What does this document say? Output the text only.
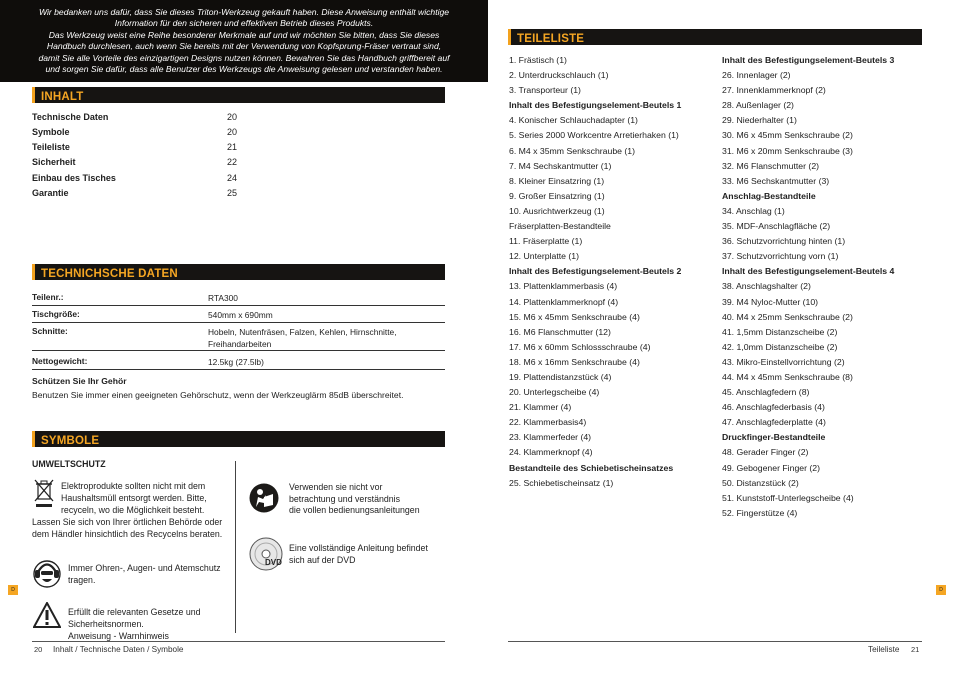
Wir bedanken uns dafür, dass Sie dieses Triton-Werkzeug gekauft haben. Diese Anweisung enthält wichtige

Information für den sicheren und effektiven Betrieb dieses Produkts.

Das Werkzeug weist eine Reihe besonderer Merkmale auf und wir möchten Sie bitten, dass Sie dieses

Handbuch durchlesen, auch wenn Sie bereits mit der Verwendung von Kopfsprung-Fräser vertraut sind,

damit Sie alle Vorteile des einzigartigen Designs nutzen können. Bewahren Sie das Handbuch griffbereit auf

und sorgen Sie dafür, dass alle Benutzer des Werkzeugs die Anweisung gelesen und verstanden haben.

INHALT
Technische Daten	20
Symbole	20
Teileliste	21
Sicherheit	22
Einbau des Tisches	24
Garantie	25
TECHNICHSCHE DATEN
Teilenr.:	RTA300
Tischgröße:	540mm x 690mm
Schnitte:	Hobeln, Nutenfräsen, Falzen, Kehlen, Hirnschnitte,
Freihandarbeiten
Nettogewicht:	12.5kg (27.5lb)
Schützen Sie Ihr Gehör
Benutzen Sie immer einen geeigneten Gehörschutz, wenn der Werkzeuglärm 85dB überschreitet.
SYMBOLE
UMWELTSCHUTZ
Elektroprodukte sollten nicht mit dem
Haushaltsmüll entsorgt werden. Bitte,
recyceln, wo die Möglichkeit besteht.
Lassen Sie sich von Ihrer örtlichen Behörde oder
dem Händler hinsichtlich des Recycelns beraten.
Immer Ohren-, Augen- und Atemschutz
tragen.
Erfüllt die relevanten Gesetze und
Sicherheitsnormen.
Anweisung - Warnhinweis
Verwenden sie nicht vor
betrachtung und verständnis
die vollen bedienungsanleitungen
DVD
Eine vollständige Anleitung befindet
sich auf der DVD
TEILELISTE
1. Frästisch (1)
2. Unterdruckschlauch (1)
3. Transporteur (1)
Inhalt des Befestigungselement-Beutels 1
4. Konischer Schlauchadapter (1)
5. Series 2000 Workcentre Arretierhaken (1)
6. M4 x 35mm Senkschraube (1)
7. M4 Sechskantmutter (1)
8. Kleiner Einsatzring (1)
9. Großer Einsatzring (1)
10. Ausrichtwerkzeug (1)
Fräserplatten-Bestandteile
11. Fräserplatte (1)
12. Unterplatte (1)
Inhalt des Befestigungselement-Beutels 2
13. Plattenklammerbasis (4)
14. Plattenklammerknopf (4)
15. M6 x 45mm Senkschraube (4)
16. M6 Flanschmutter (12)
17. M6 x 60mm Schlossschraube (4)
18. M6 x 16mm Senkschraube (4)
19. Plattendistanzstück (4)
20. Unterlegscheibe (4)
21. Klammer (4)
22. Klammerbasis4)
23. Klammerfeder (4)
24. Klammerknopf (4)
Bestandteile des Schiebetischeinsatzes
25. Schiebetischeinsatz (1)
Inhalt des Befestigungselement-Beutels 3
26. Innenlager (2)
27. Innenklammerknopf (2)
28. Außenlager (2)
29. Niederhalter (1)
30. M6 x 45mm Senkschraube (2)
31. M6 x 20mm Senkschraube (3)
32. M6 Flanschmutter (2)
33. M6 Sechskantmutter (3)
Anschlag-Bestandteile
34. Anschlag (1)
35. MDF-Anschlagfläche (2)
36. Schutzvorrichtung hinten (1)
37. Schutzvorrichtung vorn (1)
Inhalt des Befestigungselement-Beutels 4
38. Anschlagshalter (2)
39. M4 Nyloc-Mutter (10)
40. M4 x 25mm Senkschraube (2)
41. 1,5mm Distanzscheibe (2)
42. 1,0mm Distanzscheibe (2)
43. Mikro-Einstellvorrichtung (2)
44. M4 x 45mm Senkschraube (8)
45. Anschlagfedern (8)
46. Anschlagfederbasis (4)
47. Anschlagfederplatte (4)
Druckfinger-Bestandteile
48. Gerader Finger (2)
49. Gebogener Finger (2)
50. Distanzstück (2)
51. Kunststoff-Unterlegscheibe (4)
52. Fingerstütze (4)
D	D
20 Inhalt / Technische Daten / Symbole	Teileliste 21
